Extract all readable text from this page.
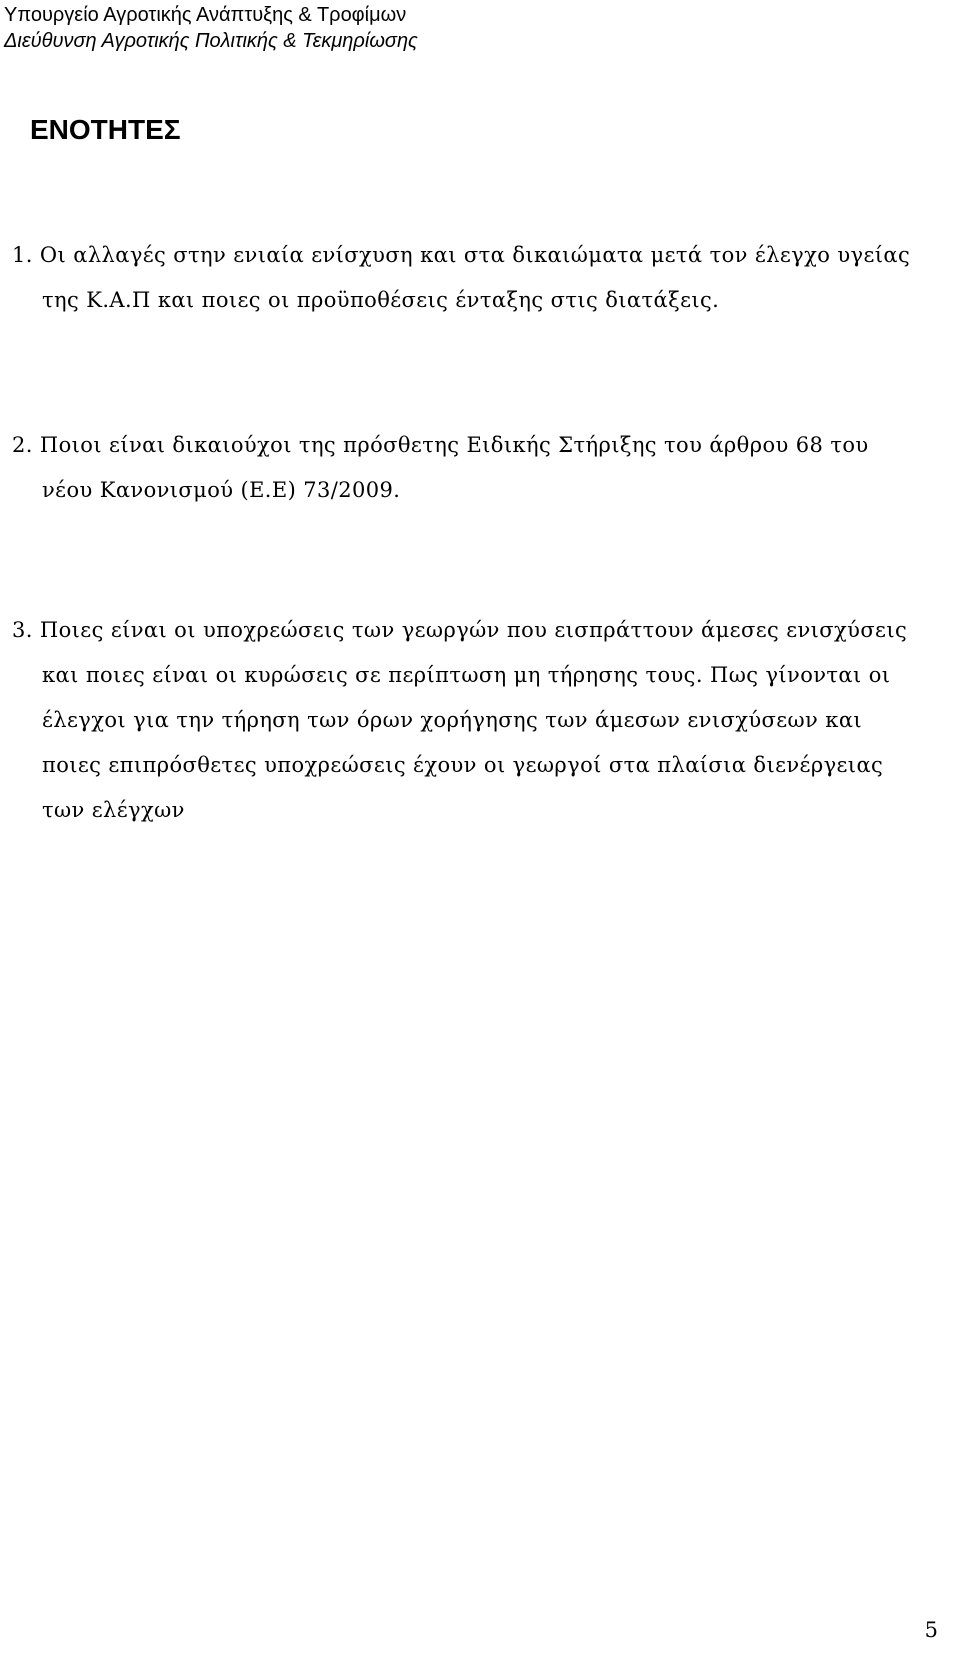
Υπουργείο Αγροτικής Ανάπτυξης & Τροφίμων
Διεύθυνση Αγροτικής Πολιτικής & Τεκμηρίωσης
ΕΝΟΤΗΤΕΣ

1. Οι αλλαγές στην ενιαία ενίσχυση και στα δικαιώματα μετά τον έλεγχο υγείας
της Κ.Α.Π και ποιες οι προϋποθέσεις ένταξης στις διατάξεις.

2. Ποιοι είναι δικαιούχοι της πρόσθετης Ειδικής Στήριξης του άρθρου 68 του
νέου Κανονισμού (Ε.Ε) 73/2009.

3. Ποιες είναι οι υποχρεώσεις των γεωργών που εισπράττουν άμεσες ενισχύσεις
και ποιες είναι οι κυρώσεις σε περίπτωση μη τήρησης τους. Πως γίνονται οι
έλεγχοι για την τήρηση των όρων χορήγησης των άμεσων ενισχύσεων και
ποιες επιπρόσθετες υποχρεώσεις έχουν οι γεωργοί στα πλαίσια διενέργειας
των ελέγχων

5
